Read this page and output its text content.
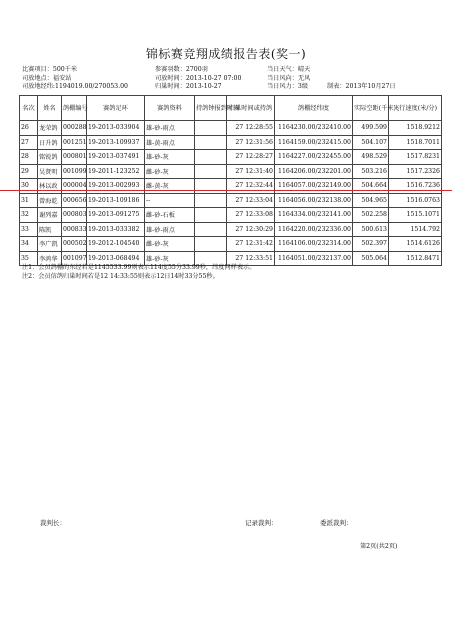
锦标赛竞翔成绩报告表(奖一)
比赛项目：500千米
司放地点：福安站
司放地经纬:1194019.00/270053.00
参赛羽数：2700羽
司放时间：2013-10-27 07:00
归巢时间：2013-10-27
当日天气：晴天
当日风向：无风
当日风力：3级	制表：2013年10月27日
名次	姓名	鸽棚编号	赛鸽足环	赛鸽资料	持鸽钟报到时间	归巢时间或持鸽	鸽棚经纬度	实际空距(千米)	飞行速度(米/分)
26	龙荣鸽	000288	19-2013-033904	雄-砂-雨点		27 12:28:55	1164230.00/232410.00	499.599	1518.9212
27	日升鸽	001251	19-2013-109937	雄-黄-雨点		27 12:31:56	1164159.00/232415.00	504.107	1518.7011
28	铭锐鸽	000801	19-2013-037491	雄-砂-灰		27 12:28:27	1164227.00/232455.00	498.529	1517.8231
29	吴贤明	001099	19-2011-123252	雌-砂-灰		27 12:31:40	1164206.00/232201.00	503.216	1517.2326
30	林以政	000004	19-2013-002993	雌-黄-灰		27 12:32:44	1164057.00/232149.00	504.664	1516.7236
31	曾海乾	000656	19-2013-109186	--		27 12:33:04	1164056.00/232138.00	504.965	1516.0763
32	谢列嘉	000803	19-2013-091275	雌-砂-石板		27 12:33:08	1164334.00/232141.00	502.258	1515.1071
33	陈凯	000833	19-2013-033382	雄-砂-雨点		27 12:30:29	1164220.00/232336.00	500.613	1514.792
34	李广凯	000502	19-2012-104540	雌-砂-灰		27 12:31:42	1164106.00/232314.00	502.397	1514.6126
35	李鸿华	001097	19-2013-068494	雄-砂-灰		27 12:33:51	1164051.00/232137.00	505.064	1512.8471
注1：会员鸽棚的东经若是1145533.99则表示114度55分33.99秒，纬度同样表示。
注2：会员信鸽归巢时间若是12 14:33:55则表示12日14时33分55秒。
裁判长：	记录裁判：	委派裁判：
第2页(共2页)
